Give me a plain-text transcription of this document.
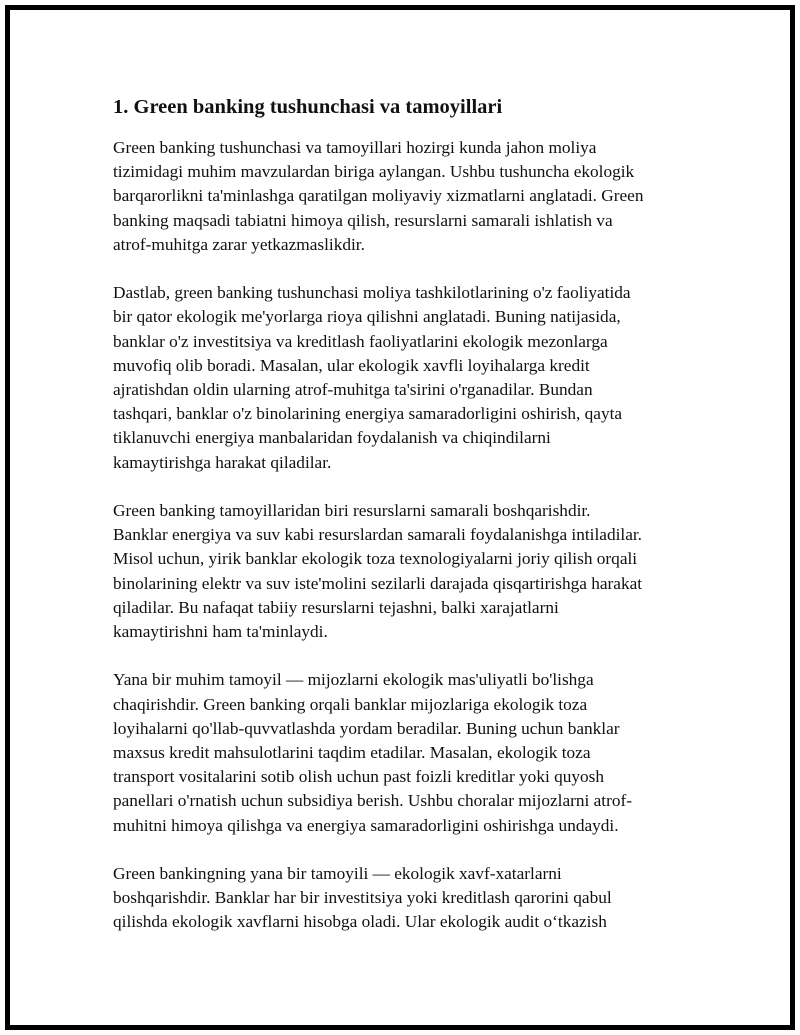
1. Green banking tushunchasi va tamoyillari

Green banking tushunchasi va tamoyillari hozirgi kunda jahon moliya
tizimidagi muhim mavzulardan biriga aylangan. Ushbu tushuncha ekologik
barqarorlikni ta'minlashga qaratilgan moliyaviy xizmatlarni anglatadi. Green
banking maqsadi tabiatni himoya qilish, resurslarni samarali ishlatish va
atrof-muhitga zarar yetkazmaslikdir.

Dastlab, green banking tushunchasi moliya tashkilotlarining o'z faoliyatida
bir qator ekologik me'yorlarga rioya qilishni anglatadi. Buning natijasida,
banklar o'z investitsiya va kreditlash faoliyatlarini ekologik mezonlarga
muvofiq olib boradi. Masalan, ular ekologik xavfli loyihalarga kredit
ajratishdan oldin ularning atrof-muhitga ta'sirini o'rganadilar. Bundan
tashqari, banklar o'z binolarining energiya samaradorligini oshirish, qayta
tiklanuvchi energiya manbalaridan foydalanish va chiqindilarni
kamaytirishga harakat qiladilar.

Green banking tamoyillaridan biri resurslarni samarali boshqarishdir.
Banklar energiya va suv kabi resurslardan samarali foydalanishga intiladilar.
Misol uchun, yirik banklar ekologik toza texnologiyalarni joriy qilish orqali
binolarining elektr va suv iste'molini sezilarli darajada qisqartirishga harakat
qiladilar. Bu nafaqat tabiiy resurslarni tejashni, balki xarajatlarni
kamaytirishni ham ta'minlaydi.

Yana bir muhim tamoyil — mijozlarni ekologik mas'uliyatli bo'lishga
chaqirishdir. Green banking orqali banklar mijozlariga ekologik toza
loyihalarni qo'llab-quvvatlashda yordam beradilar. Buning uchun banklar
maxsus kredit mahsulotlarini taqdim etadilar. Masalan, ekologik toza
transport vositalarini sotib olish uchun past foizli kreditlar yoki quyosh
panellari o'rnatish uchun subsidiya berish. Ushbu choralar mijozlarni atrof-
muhitni himoya qilishga va energiya samaradorligini oshirishga undaydi.

Green bankingning yana bir tamoyili — ekologik xavf-xatarlarni
boshqarishdir. Banklar har bir investitsiya yoki kreditlash qarorini qabul
qilishda ekologik xavflarni hisobga oladi. Ular ekologik audit o‘tkazish
